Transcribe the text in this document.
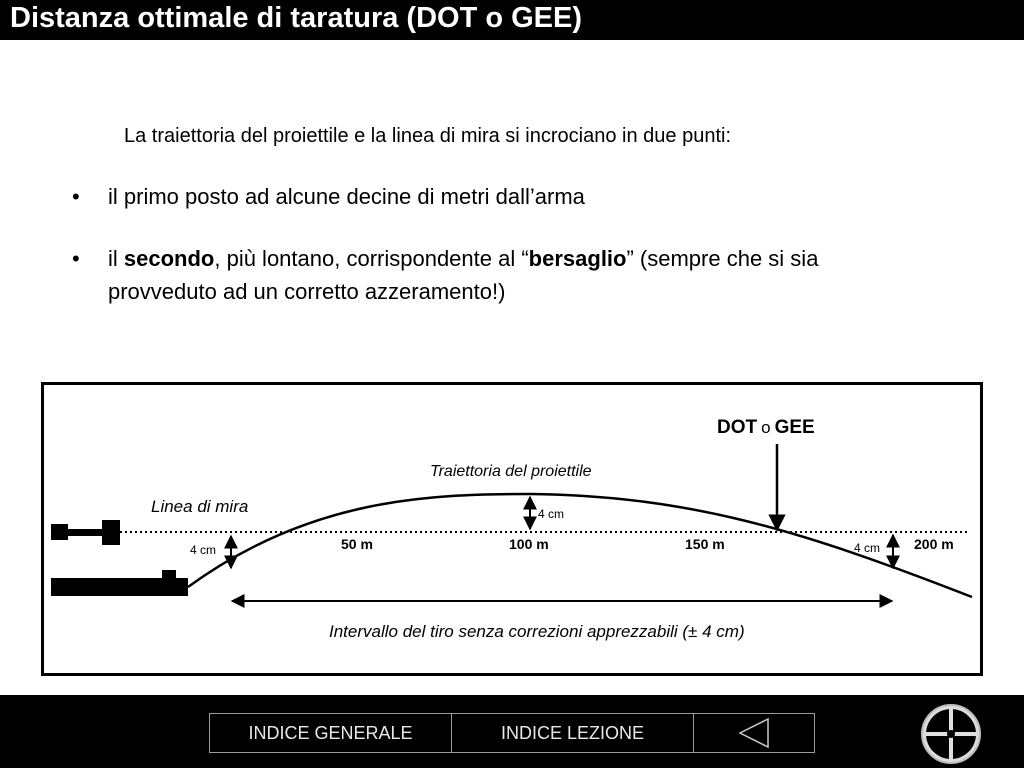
Distanza ottimale di taratura (DOT o GEE)
La traiettoria del proiettile e la linea di mira si incrociano in due punti:
• il primo posto ad alcune decine di metri dall’arma
• il secondo, più lontano, corrispondente al “bersaglio” (sempre che si sia
provveduto ad un corretto azzeramento!)
DOT o GEE
Traiettoria del proiettile
Linea di mira
4 cm
4 cm
4 cm
50 m	100 m	150 m	200 m
Intervallo del tiro senza correzioni apprezzabili (± 4 cm)
INDICE GENERALE	INDICE LEZIONE
